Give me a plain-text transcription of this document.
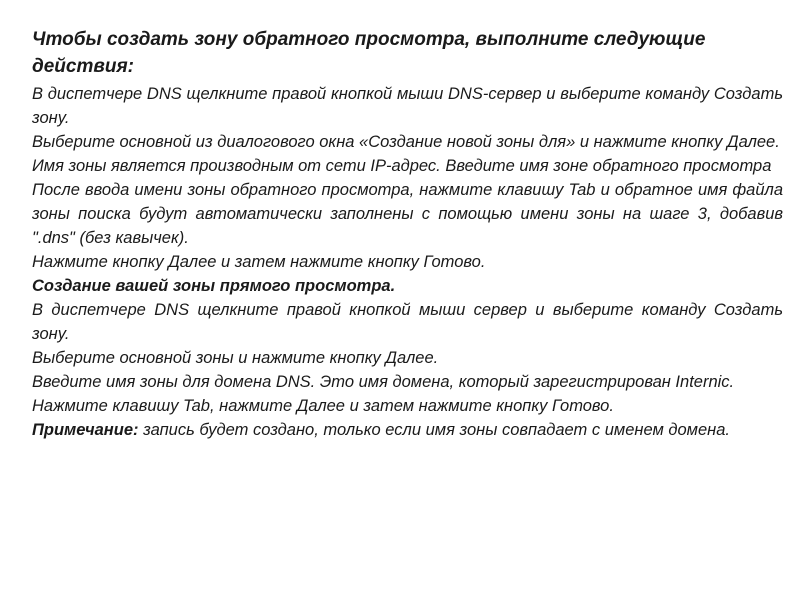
Чтобы создать зону обратного просмотра, выполните следующие действия:
В диспетчере DNS щелкните правой кнопкой мыши DNS-сервер и выберите команду Создать зону.
Выберите основной из диалогового окна «Создание новой зоны для» и нажмите кнопку Далее.
Имя зоны является производным от сети IP-адрес. Введите имя зоне обратного просмотра
После ввода имени зоны обратного просмотра, нажмите клавишу Tab и обратное имя файла зоны поиска будут автоматически заполнены с помощью имени зоны на шаге 3, добавив ".dns" (без кавычек).
Нажмите кнопку Далее и затем нажмите кнопку Готово.
Создание вашей зоны прямого просмотра.
В диспетчере DNS щелкните правой кнопкой мыши сервер и выберите команду Создать зону.
Выберите основной зоны и нажмите кнопку Далее.
Введите имя зоны для домена DNS. Это имя домена, который зарегистрирован Internic.
Нажмите клавишу Tab, нажмите Далее и затем нажмите кнопку Готово.
Примечание: запись будет создано, только если имя зоны совпадает с именем домена.
